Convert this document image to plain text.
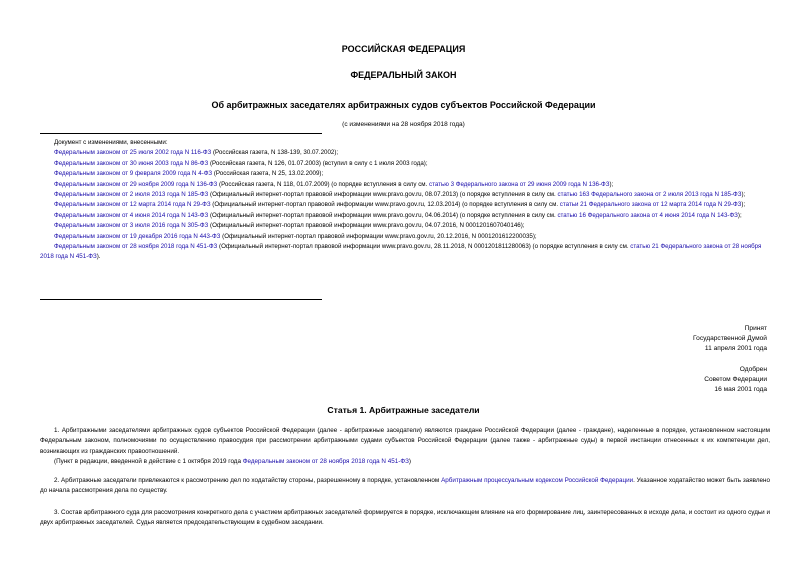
РОССИЙСКАЯ ФЕДЕРАЦИЯ
ФЕДЕРАЛЬНЫЙ ЗАКОН
Об арбитражных заседателях арбитражных судов субъектов Российской Федерации
(с изменениями на 28 ноября 2018 года)

Документ с изменениями, внесенными:

Федеральным законом от 25 июля 2002 года N 116-ФЗ (Российская газета, N 138-139, 30.07.2002);

Федеральным законом от 30 июня 2003 года N 86-ФЗ (Российская газета, N 126, 01.07.2003) (вступил в силу с 1 июля 2003 года);

Федеральным законом от 9 февраля 2009 года N 4-ФЗ (Российская газета, N 25, 13.02.2009);

Федеральным законом от 29 ноября 2009 года N 136-ФЗ (Российская газета, N 118, 01.07.2009) (о порядке вступления в силу см. статью 3 Федерального закона от 29 июня 2009 года N 136-ФЗ);

Федеральным законом от 2 июля 2013 года N 185-ФЗ (Официальный интернет-портал правовой информации www.pravo.gov.ru, 08.07.2013) (о порядке вступления в силу см. статью 163 Федерального закона от 2 июля 2013 года N 185-ФЗ);

Федеральным законом от 12 марта 2014 года N 29-ФЗ (Официальный интернет-портал правовой информации www.pravo.gov.ru, 12.03.2014) (о порядке вступления в силу см. статьи 21 Федерального закона от 12 марта 2014 года N 29-ФЗ);

Федеральным законом от 4 июня 2014 года N 143-ФЗ (Официальный интернет-портал правовой информации www.pravo.gov.ru, 04.06.2014) (о порядке вступления в силу см. статью 16 Федерального закона от 4 июня 2014 года N 143-ФЗ);

Федеральным законом от 3 июля 2016 года N 305-ФЗ (Официальный интернет-портал правовой информации www.pravo.gov.ru, 04.07.2016, N 0001201607040146);

Федеральным законом от 19 декабря 2016 года N 443-ФЗ (Официальный интернет-портал правовой информации www.pravo.gov.ru, 20.12.2016, N 0001201612200035);

Федеральным законом от 28 ноября 2018 года N 451-ФЗ (Официальный интернет-портал правовой информации www.pravo.gov.ru, 28.11.2018, N 0001201811280063) (о порядке вступления в силу см. статью 21 Федерального закона от 28 ноября 2018 года N 451-ФЗ).

Принят
Государственной Думой
11 апреля 2001 года
Одобрен
Советом Федерации
16 мая 2001 года
Статья 1. Арбитражные заседатели

1. Арбитражными заседателями арбитражных судов субъектов Российской Федерации (далее - арбитражные заседатели) являются граждане Российской Федерации (далее - граждане), наделенные в порядке, установленном настоящим Федеральным законом, полномочиями по осуществлению правосудия при рассмотрении арбитражными судами субъектов Российской Федерации (далее также - арбитражные суды) в первой инстанции отнесенных к их компетенции дел, возникающих из гражданских правоотношений.

(Пункт в редакции, введенной в действие с 1 октября 2019 года Федеральным законом от 28 ноября 2018 года N 451-ФЗ)

2. Арбитражные заседатели привлекаются к рассмотрению дел по ходатайству стороны, разрешенному в порядке, установленном Арбитражным процессуальным кодексом Российской Федерации. Указанное ходатайство может быть заявлено до начала рассмотрения дела по существу.

3. Состав арбитражного суда для рассмотрения конкретного дела с участием арбитражных заседателей формируется в порядке, исключающем влияние на его формирование лиц, заинтересованных в исходе дела, и состоит из одного судьи и двух арбитражных заседателей. Судья является председательствующим в судебном заседании.
